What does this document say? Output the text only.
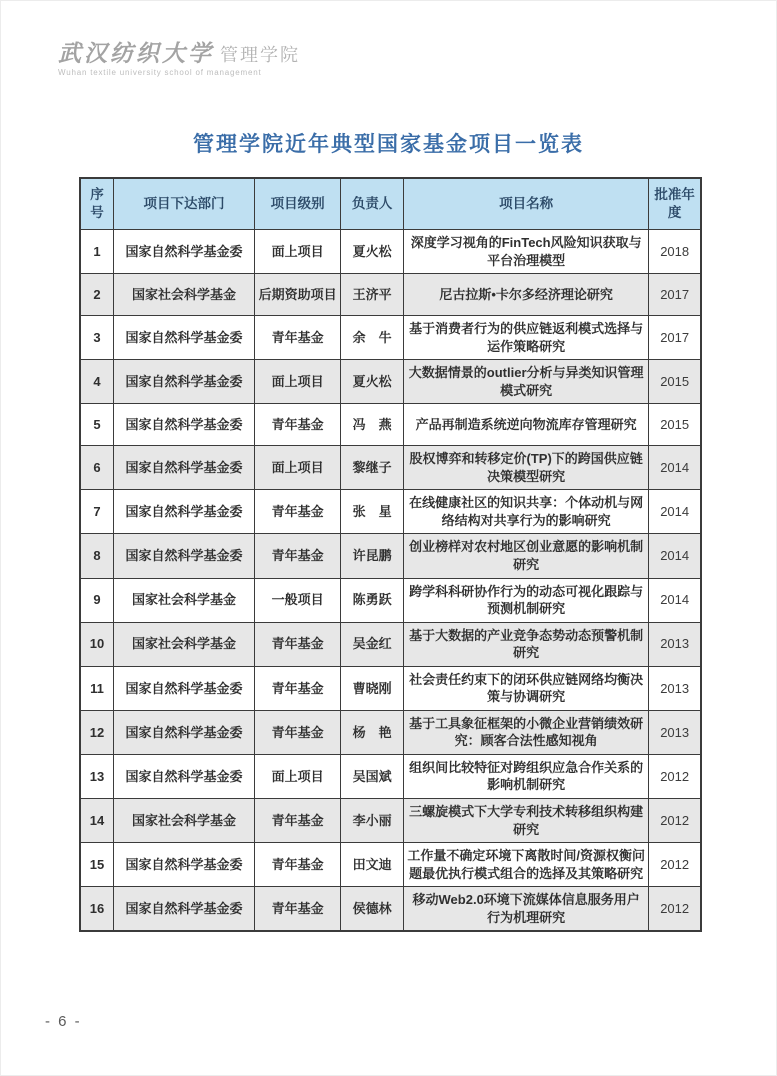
武汉纺织大学 管理学院
Wuhan textile university school of management
管理学院近年典型国家基金项目一览表
序号	项目下达部门	项目级别	负责人	项目名称	批准年度
1	国家自然科学基金委	面上项目	夏火松	深度学习视角的FinTech风险知识获取与平台治理模型	2018
2	国家社会科学基金	后期资助项目	王济平	尼古拉斯•卡尔多经济理论研究	2017
3	国家自然科学基金委	青年基金	余　牛	基于消费者行为的供应链返利模式选择与运作策略研究	2017
4	国家自然科学基金委	面上项目	夏火松	大数据情景的outlier分析与异类知识管理模式研究	2015
5	国家自然科学基金委	青年基金	冯　燕	产品再制造系统逆向物流库存管理研究	2015
6	国家自然科学基金委	面上项目	黎继子	股权博弈和转移定价(TP)下的跨国供应链决策模型研究	2014
7	国家自然科学基金委	青年基金	张　星	在线健康社区的知识共享：个体动机与网络结构对共享行为的影响研究	2014
8	国家自然科学基金委	青年基金	许昆鹏	创业榜样对农村地区创业意愿的影响机制研究	2014
9	国家社会科学基金	一般项目	陈勇跃	跨学科科研协作行为的动态可视化跟踪与预测机制研究	2014
10	国家社会科学基金	青年基金	吴金红	基于大数据的产业竞争态势动态预警机制研究	2013
11	国家自然科学基金委	青年基金	曹晓刚	社会责任约束下的闭环供应链网络均衡决策与协调研究	2013
12	国家自然科学基金委	青年基金	杨　艳	基于工具象征框架的小微企业营销绩效研究：顾客合法性感知视角	2013
13	国家自然科学基金委	面上项目	吴国斌	组织间比较特征对跨组织应急合作关系的影响机制研究	2012
14	国家社会科学基金	青年基金	李小丽	三螺旋模式下大学专利技术转移组织构建研究	2012
15	国家自然科学基金委	青年基金	田文迪	工作量不确定环境下离散时间/资源权衡问题最优执行模式组合的选择及其策略研究	2012
16	国家自然科学基金委	青年基金	侯德林	移动Web2.0环境下流媒体信息服务用户行为机理研究	2012
- 6 -
